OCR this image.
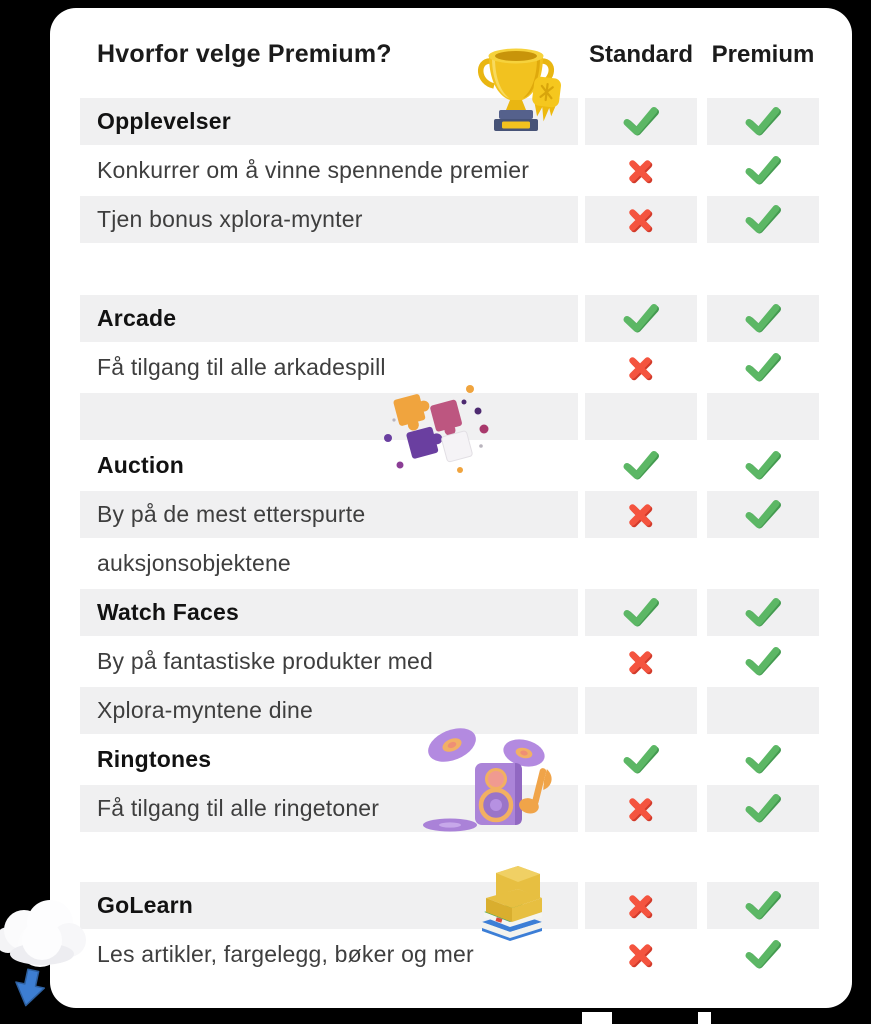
Hvorfor velge Premium?	Standard Premium
Opplevelser
Konkurrer om å vinne spennende premier
Tjen bonus xplora-mynter
Arcade
Få tilgang til alle arkadespill
Auction
By på de mest etterspurte
auksjonsobjektene
Watch Faces
By på fantastiske produkter med
Xplora-myntene dine
Ringtones
Få tilgang til alle ringetoner
GoLearn
Les artikler, fargelegg, bøker og mer
